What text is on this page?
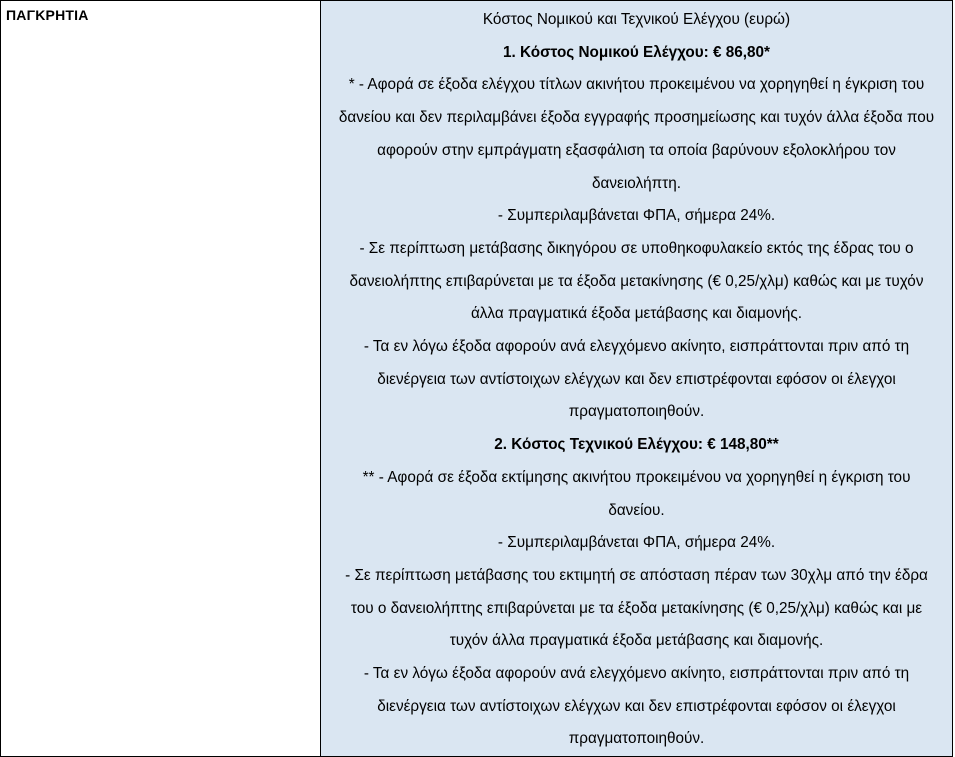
ΠΑΓΚΡΗΤΙΑ	Κόστος Νομικού και Τεχνικού Ελέγχου (ευρώ)

1. Κόστος Νομικού Ελέγχου: € 86,80*

* - Αφορά σε έξοδα ελέγχου τίτλων ακινήτου προκειμένου να χορηγηθεί η έγκριση του δανείου και δεν περιλαμβάνει έξοδα εγγραφής προσημείωσης και τυχόν άλλα έξοδα που αφορούν στην εμπράγματη εξασφάλιση τα οποία βαρύνουν εξολοκλήρου τον δανειολήπτη.

- Συμπεριλαμβάνεται ΦΠΑ, σήμερα 24%.

- Σε περίπτωση μετάβασης δικηγόρου σε υποθηκοφυλακείο εκτός της έδρας του ο δανειολήπτης επιβαρύνεται με τα έξοδα μετακίνησης (€ 0,25/χλμ) καθώς και με τυχόν άλλα πραγματικά έξοδα μετάβασης και διαμονής.

- Τα εν λόγω έξοδα αφορούν ανά ελεγχόμενο ακίνητο, εισπράττονται πριν από τη διενέργεια των αντίστοιχων ελέγχων και δεν επιστρέφονται εφόσον οι έλεγχοι πραγματοποιηθούν.

2. Κόστος Τεχνικού Ελέγχου: € 148,80**

** - Αφορά σε έξοδα εκτίμησης ακινήτου προκειμένου να χορηγηθεί η έγκριση του δανείου.

- Συμπεριλαμβάνεται ΦΠΑ, σήμερα 24%.

- Σε περίπτωση μετάβασης του εκτιμητή σε απόσταση πέραν των 30χλμ από την έδρα του ο δανειολήπτης επιβαρύνεται με τα έξοδα μετακίνησης (€ 0,25/χλμ) καθώς και με τυχόν άλλα πραγματικά έξοδα μετάβασης και διαμονής.

- Τα εν λόγω έξοδα αφορούν ανά ελεγχόμενο ακίνητο, εισπράττονται πριν από τη διενέργεια των αντίστοιχων ελέγχων και δεν επιστρέφονται εφόσον οι έλεγχοι πραγματοποιηθούν.
